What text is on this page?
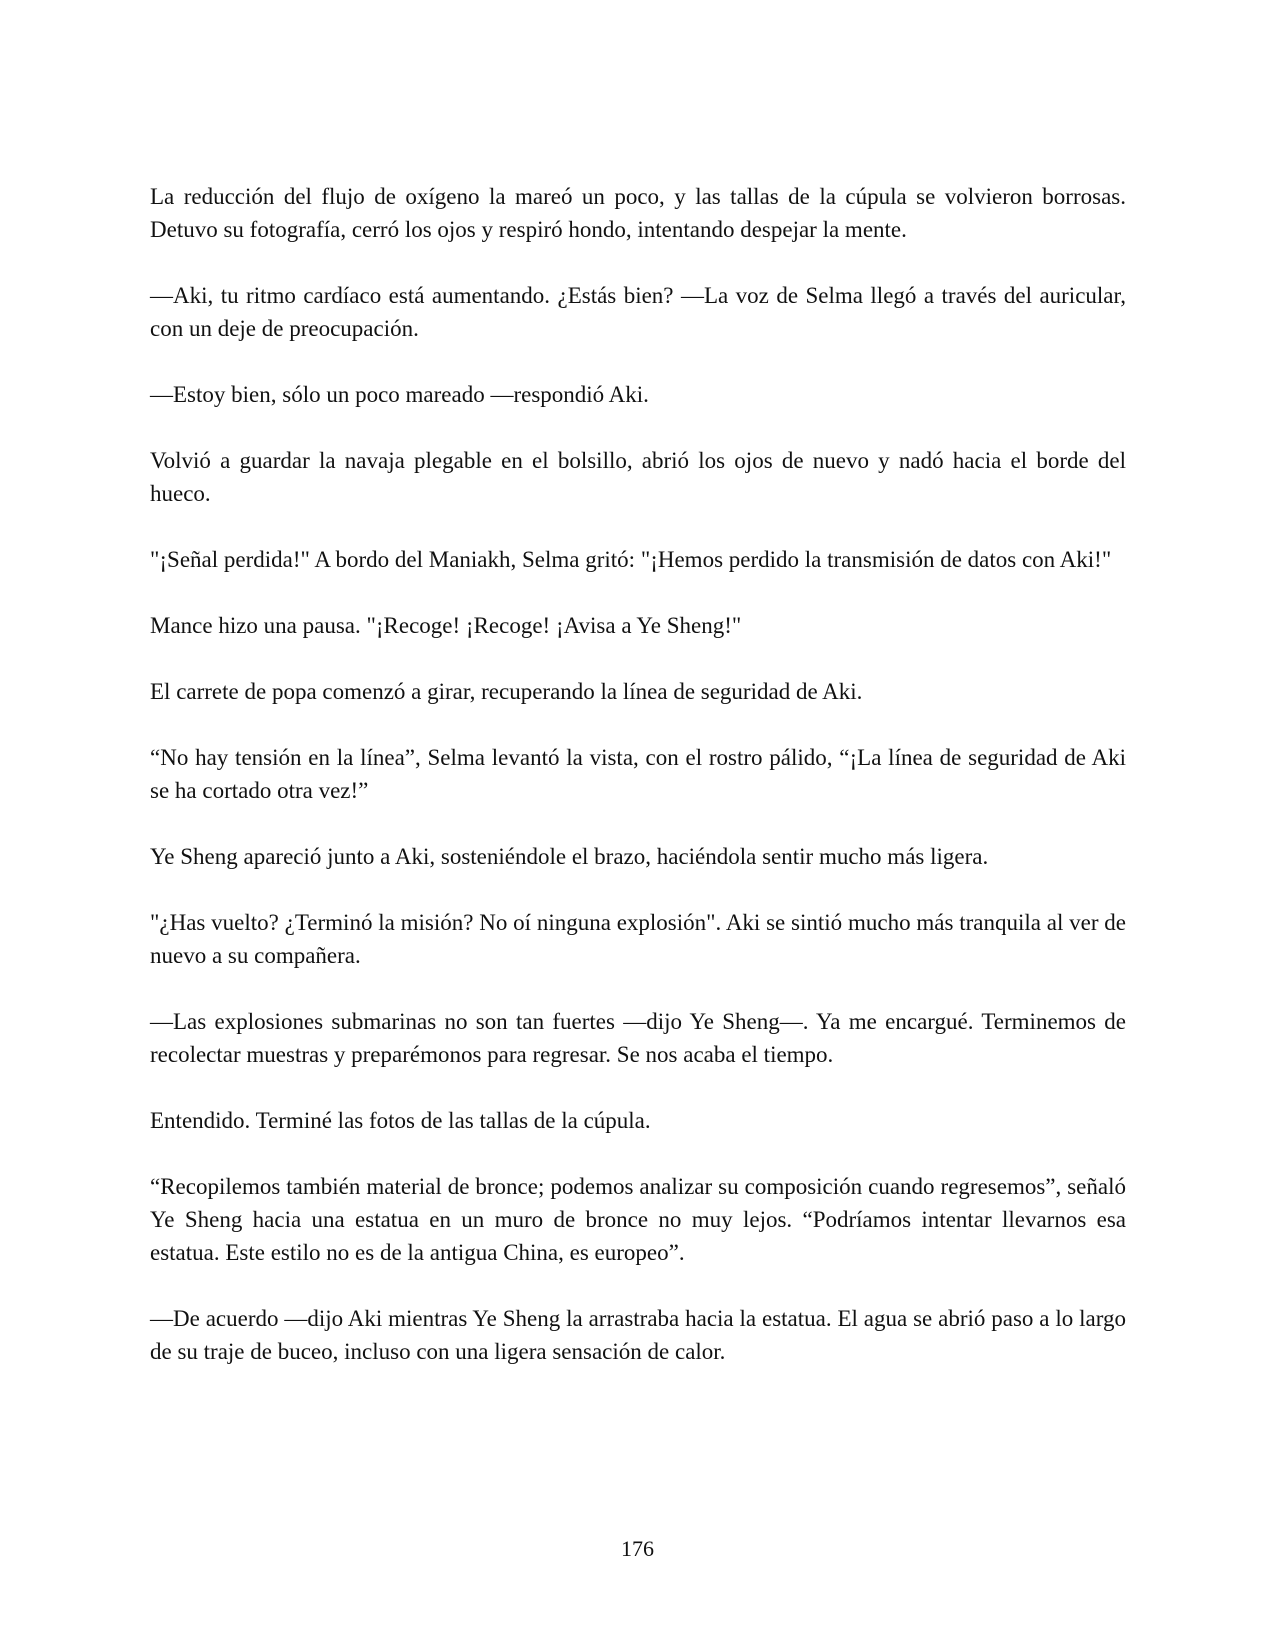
La reducción del flujo de oxígeno la mareó un poco, y las tallas de la cúpula se volvieron borrosas. Detuvo su fotografía, cerró los ojos y respiró hondo, intentando despejar la mente.

—Aki, tu ritmo cardíaco está aumentando. ¿Estás bien? —La voz de Selma llegó a través del auricular, con un deje de preocupación.

—Estoy bien, sólo un poco mareado —respondió Aki.

Volvió a guardar la navaja plegable en el bolsillo, abrió los ojos de nuevo y nadó hacia el borde del hueco.

"¡Señal perdida!" A bordo del Maniakh, Selma gritó: "¡Hemos perdido la transmisión de datos con Aki!"

Mance hizo una pausa. "¡Recoge! ¡Recoge! ¡Avisa a Ye Sheng!"

El carrete de popa comenzó a girar, recuperando la línea de seguridad de Aki.

“No hay tensión en la línea”, Selma levantó la vista, con el rostro pálido, “¡La línea de seguridad de Aki se ha cortado otra vez!”

Ye Sheng apareció junto a Aki, sosteniéndole el brazo, haciéndola sentir mucho más ligera.

"¿Has vuelto? ¿Terminó la misión? No oí ninguna explosión". Aki se sintió mucho más tranquila al ver de nuevo a su compañera.

—Las explosiones submarinas no son tan fuertes —dijo Ye Sheng—. Ya me encargué. Terminemos de recolectar muestras y preparémonos para regresar. Se nos acaba el tiempo.

Entendido. Terminé las fotos de las tallas de la cúpula.

“Recopilemos también material de bronce; podemos analizar su composición cuando regresemos”, señaló Ye Sheng hacia una estatua en un muro de bronce no muy lejos. “Podríamos intentar llevarnos esa estatua. Este estilo no es de la antigua China, es europeo”.

—De acuerdo —dijo Aki mientras Ye Sheng la arrastraba hacia la estatua. El agua se abrió paso a lo largo de su traje de buceo, incluso con una ligera sensación de calor.

176
